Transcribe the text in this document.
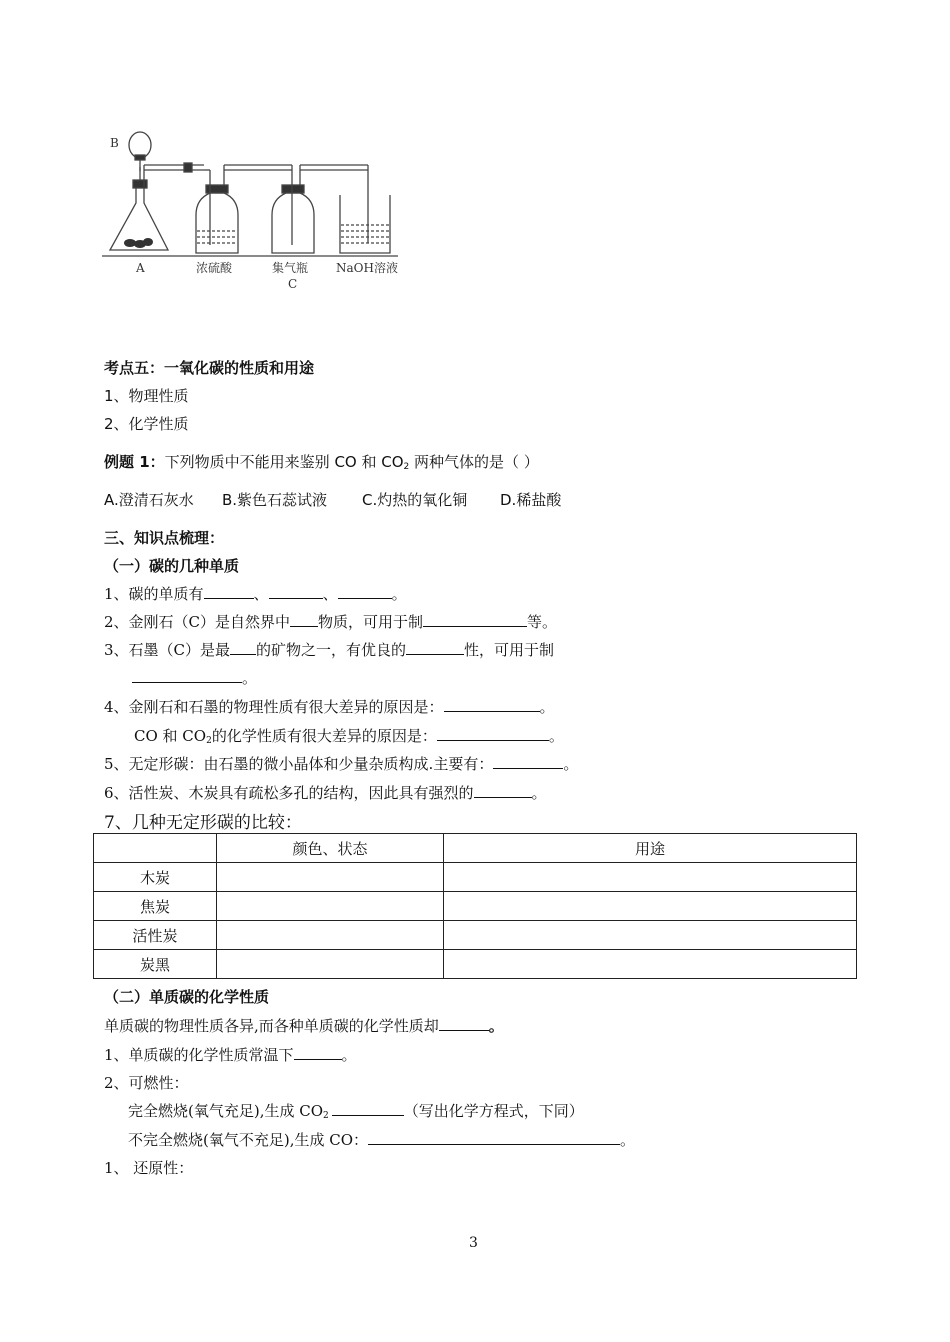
B
A	浓硫酸	集气瓶
C
NaOH溶液
考点五：一氧化碳的性质和用途
1、物理性质
2、化学性质
例题 1：下列物质中不能用来鉴别 CO 和 $CO_2$ 两种气体的是（ ）
A.澄清石灰水 B.紫色石蕊试液 C.灼热的氧化铜 D.稀盐酸
三、知识点梳理：
（一）碳的几种单质
1、碳的单质有	、	、	。
2、金刚石（C）是自然界中 物质，可用于制	等。
3、石墨（C）是最 的矿物之一，有优良的	性，可用于制
。
4、金刚石和石墨的物理性质有很大差异的原因是：	。
CO 和 $CO_2$的化学性质有很大差异的原因是：	。
5、无定形碳：由石墨的微小晶体和少量杂质构成.主要有：	。
6、活性炭、木炭具有疏松多孔的结构，因此具有强烈的	。
7、几种无定形碳的比较：
	颜色、状态	用途
木炭		
焦炭		
活性炭		
炭黑		
（二）单质碳的化学性质
单质碳的物理性质各异,而各种单质碳的化学性质却	。
1、单质碳的化学性质常温下	。
2、可燃性：
完全燃烧(氧气充足),生成 $CO_2$	（写出化学方程式，下同）
不完全燃烧(氧气不充足),生成 CO：	。
1、 还原性：
3
